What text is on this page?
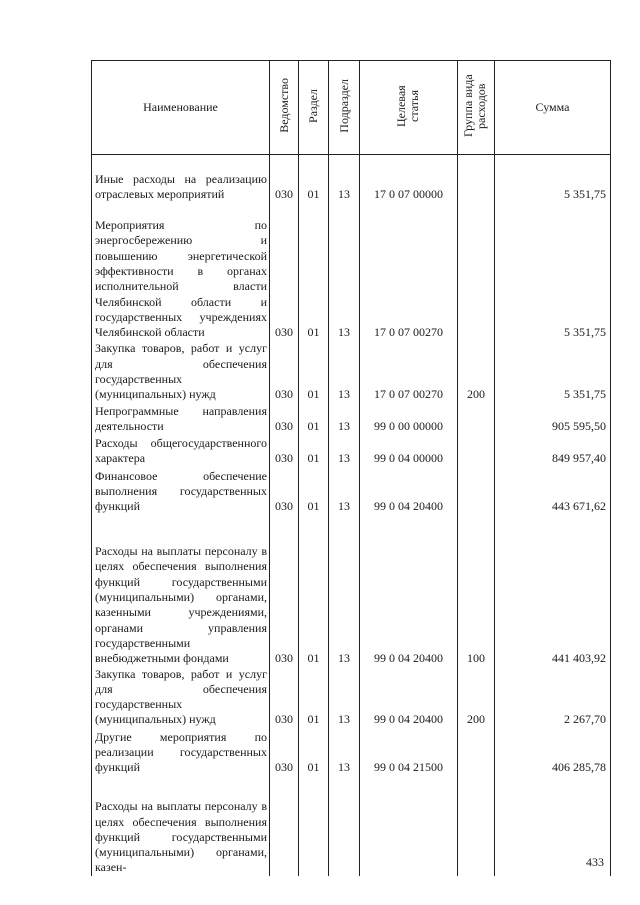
Наименование	Ведомство	Раздел	Подраздел	Целевая статья	Группа вида расходов	Сумма
Иные расходы на реализацию отраслевых мероприятий	030	01	13	17 0 07 00000		5 351,75
Мероприятия по энергосбережению и повышению энергетической эффективности в органах исполнительной власти Челябинской области и государственных учреждениях Челябинской области	030	01	13	17 0 07 00270		5 351,75
Закупка товаров, работ и услуг для обеспечения государственных (муниципальных) нужд	030	01	13	17 0 07 00270	200	5 351,75
Непрограммные направления деятельности	030	01	13	99 0 00 00000		905 595,50
Расходы общегосударственного характера	030	01	13	99 0 04 00000		849 957,40
Финансовое обеспечение выполнения государственных функций	030	01	13	99 0 04 20400		443 671,62
Расходы на выплаты персоналу в целях обеспечения выполнения функций государственными (муниципальными) органами, казенными учреждениями, органами управления государственными внебюджетными фондами	030	01	13	99 0 04 20400	100	441 403,92
Закупка товаров, работ и услуг для обеспечения государственных (муниципальных) нужд	030	01	13	99 0 04 20400	200	2 267,70
Другие мероприятия по реализации государственных функций	030	01	13	99 0 04 21500		406 285,78
Расходы на выплаты персоналу в целях обеспечения выполнения функций государственными (муниципальными) органами, казен-							433
